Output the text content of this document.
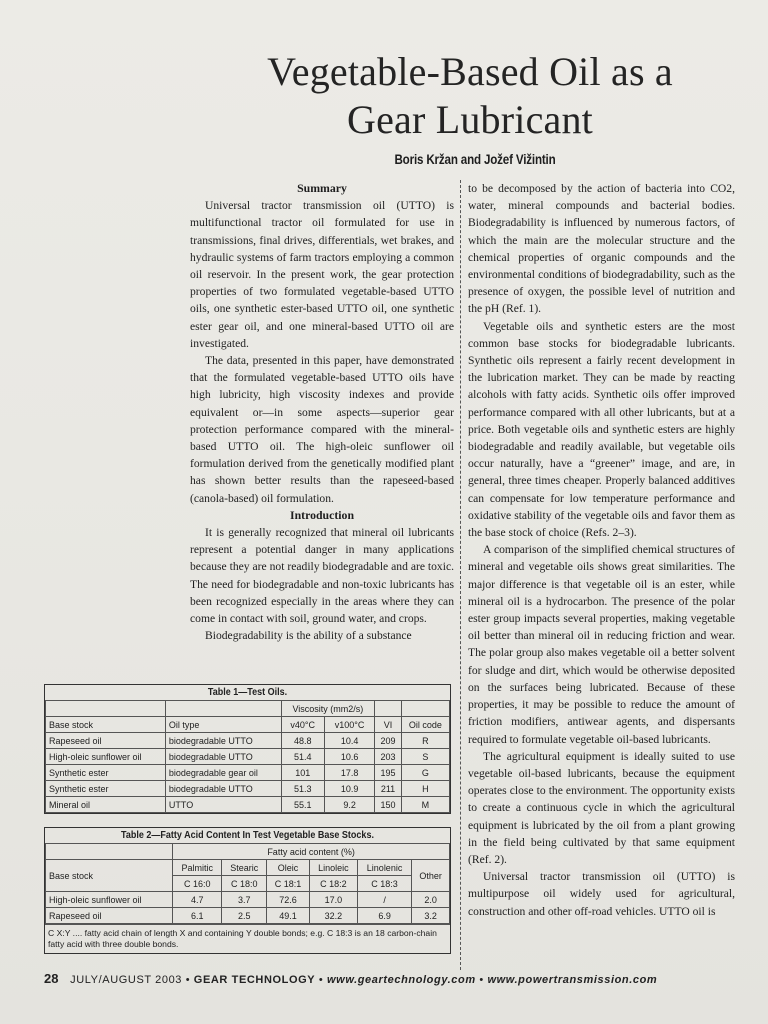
Vegetable-Based Oil as a
Gear Lubricant
Boris Kržan and Jožef Vižintin
Summary

Universal tractor transmission oil (UTTO) is multifunctional tractor oil formulated for use in transmissions, final drives, differentials, wet brakes, and hydraulic systems of farm tractors employing a common oil reservoir. In the present work, the gear protection properties of two formulated vegetable-based UTTO oils, one synthetic ester-based UTTO oil, one synthetic ester gear oil, and one mineral-based UTTO oil are investigated.

The data, presented in this paper, have demonstrated that the formulated vegetable-based UTTO oils have high lubricity, high viscosity indexes and provide equivalent or—in some aspects—superior gear protection performance compared with the mineral-based UTTO oil. The high-oleic sunflower oil formulation derived from the genetically modified plant has shown better results than the rapeseed-based (canola-based) oil formulation.

Introduction

It is generally recognized that mineral oil lubricants represent a potential danger in many applications because they are not readily biodegradable and are toxic. The need for biodegradable and non-toxic lubricants has been recognized especially in the areas where they can come in contact with soil, ground water, and crops.

Biodegradability is the ability of a substance

to be decomposed by the action of bacteria into CO2, water, mineral compounds and bacterial bodies. Biodegradability is influenced by numerous factors, of which the main are the molecular structure and the chemical properties of organic compounds and the environmental conditions of biodegradability, such as the presence of oxygen, the possible level of nutrition and the pH (Ref. 1).

Vegetable oils and synthetic esters are the most common base stocks for biodegradable lubricants. Synthetic oils represent a fairly recent development in the lubrication market. They can be made by reacting alcohols with fatty acids. Synthetic oils offer improved performance compared with all other lubricants, but at a price. Both vegetable oils and synthetic esters are highly biodegradable and readily available, but vegetable oils occur naturally, have a “greener” image, and are, in general, three times cheaper. Properly balanced additives can compensate for low temperature performance and oxidative stability of the vegetable oils and favor them as the base stock of choice (Refs. 2–3).

A comparison of the simplified chemical structures of mineral and vegetable oils shows great similarities. The major difference is that vegetable oil is an ester, while mineral oil is a hydrocarbon. The presence of the polar ester group impacts several properties, making vegetable oil better than mineral oil in reducing friction and wear. The polar group also makes vegetable oil a better solvent for sludge and dirt, which would be otherwise deposited on the surfaces being lubricated. Because of these properties, it may be possible to reduce the amount of friction modifiers, antiwear agents, and dispersants required to formulate vegetable oil-based lubricants.

The agricultural equipment is ideally suited to use vegetable oil-based lubricants, because the equipment operates close to the environment. The opportunity exists to create a continuous cycle in which the agricultural equipment is lubricated by the oil from a plant growing in the field being cultivated by that same equipment (Ref. 2).

Universal tractor transmission oil (UTTO) is multipurpose oil widely used for agricultural, construction and other off-road vehicles. UTTO oil is

Table 1—Test Oils.
		Viscosity (mm2/s)			
Base stock	Oil type	v40°C	v100°C	VI	Oil code
Rapeseed oil	biodegradable UTTO	48.8	10.4	209	R
High-oleic sunflower oil	biodegradable UTTO	51.4	10.6	203	S
Synthetic ester	biodegradable gear oil	101	17.8	195	G
Synthetic ester	biodegradable UTTO	51.3	10.9	211	H
Mineral oil	UTTO	55.1	9.2	150	M
Table 2—Fatty Acid Content In Test Vegetable Base Stocks.
	Fatty acid content (%)					
Base stock	Palmitic	Stearic	Oleic	Linoleic	Linolenic	Other
	C 16:0	C 18:0	C 18:1	C 18:2	C 18:3	
High-oleic sunflower oil	4.7	3.7	72.6	17.0	/	2.0
Rapeseed oil	6.1	2.5	49.1	32.2	6.9	3.2
C X:Y .... fatty acid chain of length X and containing Y double bonds; e.g. C 18:3 is an 18 carbon-chain fatty acid with three double bonds.
28 JULY/AUGUST 2003 • GEAR TECHNOLOGY • www.geartechnology.com • www.powertransmission.com
